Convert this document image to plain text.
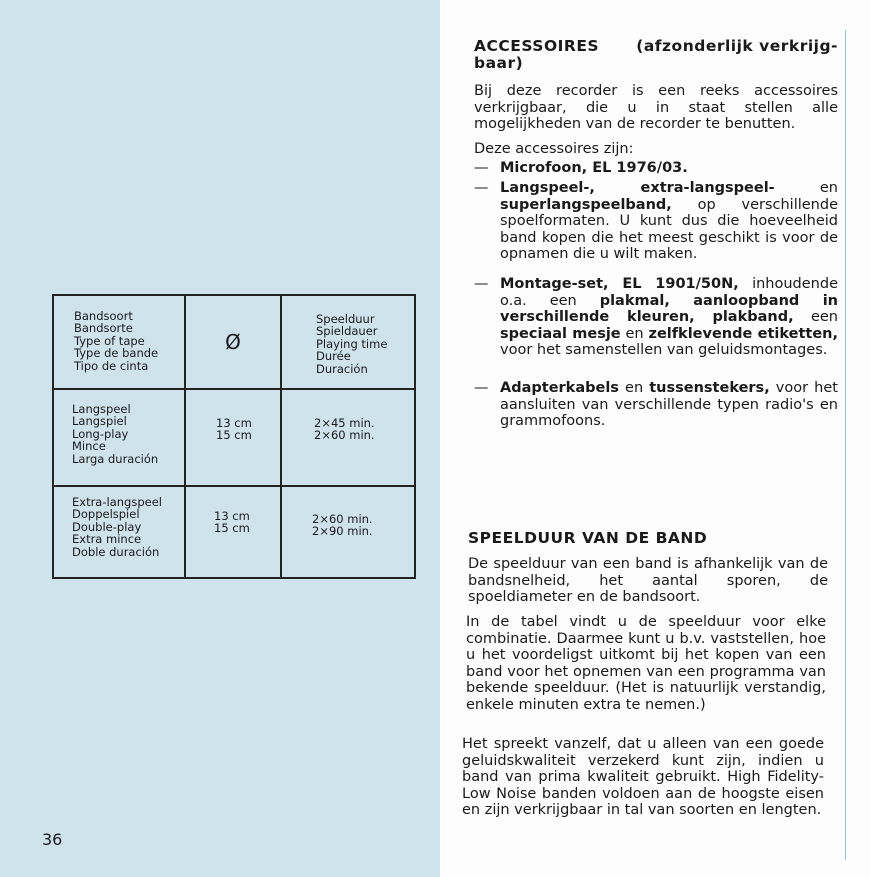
36
Bandsoort
Bandsorte
Type of tape
Type de bande
Tipo de cinta
Ø
Speelduur
Spieldauer
Playing time
Durée
Duración
Langspeel
Langspiel
Long-play
Mince
Larga duración
13 cm
15 cm
2×45 min.
2×60 min.
Extra-langspeel
Doppelspiel
Double-play
Extra mince
Doble duración
13 cm
15 cm
2×60 min.
2×90 min.
ACCESSOIRES (afzonderlijk verkrijg-
baar)
Bij deze recorder is een reeks accessoires verkrijgbaar, die u in staat stellen alle mogelijkheden van de recorder te benutten.
Deze accessoires zijn:
— Microfoon, EL 1976/03.
— Langspeel-, extra-langspeel- en superlangspeelband, op verschillende spoelformaten. U kunt dus die hoeveelheid band kopen die het meest geschikt is voor de opnamen die u wilt maken.
— Montage-set, EL 1901/50N, inhoudende o.a. een plakmal, aanloopband in verschillende kleuren, plakband, een speciaal mesje en zelfklevende etiketten, voor het samenstellen van geluidsmontages.
— Adapterkabels en tussenstekers, voor het aansluiten van verschillende typen radio's en grammofoons.
SPEELDUUR VAN DE BAND
De speelduur van een band is afhankelijk van de bandsnelheid, het aantal sporen, de spoeldiameter en de bandsoort.
In de tabel vindt u de speelduur voor elke combinatie. Daarmee kunt u b.v. vaststellen, hoe u het voordeligst uitkomt bij het kopen van een band voor het opnemen van een programma van bekende speelduur. (Het is natuurlijk verstandig, enkele minuten extra te nemen.)
Het spreekt vanzelf, dat u alleen van een goede geluidskwaliteit verzekerd kunt zijn, indien u band van prima kwaliteit gebruikt. High Fidelity-Low Noise banden voldoen aan de hoogste eisen en zijn verkrijgbaar in tal van soorten en lengten.
